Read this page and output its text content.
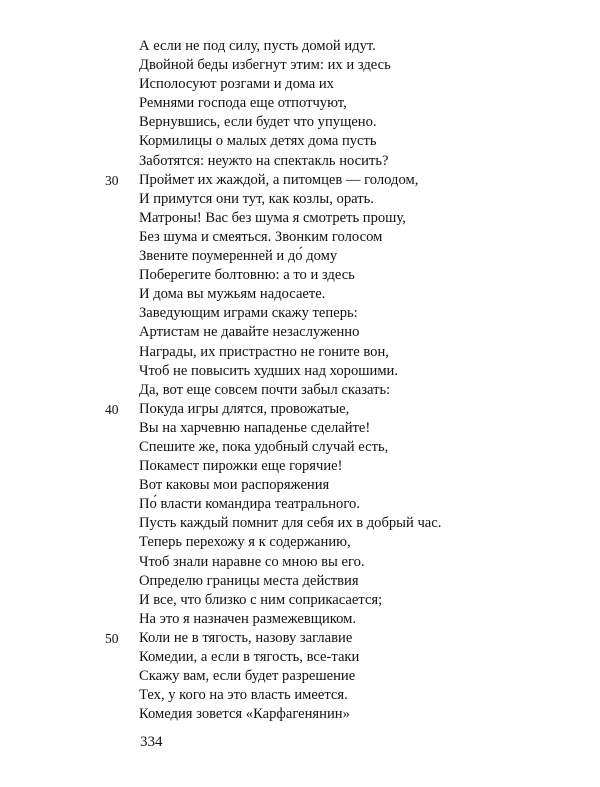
А если не под силу, пусть домой идут.
Двойной беды избегнут этим: их и здесь
Исполосуют розгами и дома их
Ремнями господа еще отпотчуют,
Вернувшись, если будет что упущено.
Кормилицы о малых детях дома пусть
Заботятся: неужто на спектакль носить?
30 Проймет их жаждой, а питомцев — голодом,
И примутся они тут, как козлы, орать.
Матроны! Вас без шума я смотреть прошу,
Без шума и смеяться. Звонким голосом
Звените поумеренней и до́ дому
Поберегите болтовню: а то и здесь
И дома вы мужьям надосаете.
Заведующим играми скажу теперь:
Артистам не давайте незаслуженно
Награды, их пристрастно не гоните вон,
Чтоб не повысить худших над хорошими.
Да, вот еще совсем почти забыл сказать:
40 Покуда игры длятся, провожатые,
Вы на харчевню нападенье сделайте!
Спешите же, пока удобный случай есть,
Покамест пирожки еще горячие!
Вот каковы мои распоряжения
По́ власти командира театрального.
Пусть каждый помнит для себя их в добрый час.
Теперь перехожу я к содержанию,
Чтоб знали наравне со мною вы его.
Определю границы места действия
И все, что близко с ним соприкасается;
На это я назначен размежевщиком.
50 Коли не в тягость, назову заглавие
Комедии, а если в тягость, все-таки
Скажу вам, если будет разрешение
Тех, у кого на это власть имеется.
Комедия зовется «Карфагенянин»
334
